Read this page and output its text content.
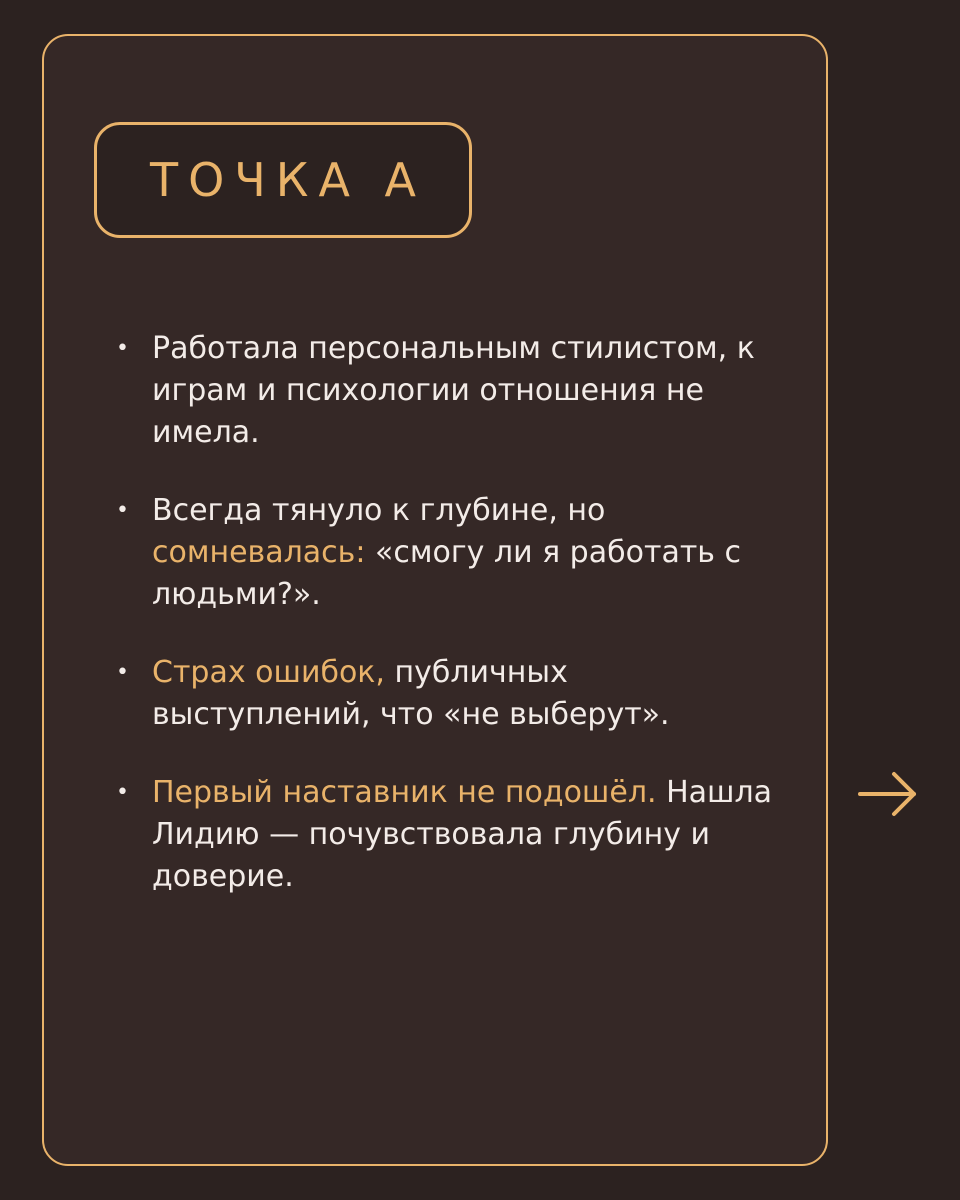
ТОЧКА А
• Работала персональным стилистом, к играм и психологии отношения не имела.
• Всегда тянуло к глубине, но сомневалась: «смогу ли я работать с людьми?».
• Страх ошибок, публичных выступлений, что «не выберут».
• Первый наставник не подошёл. Нашла Лидию — почувствовала глубину и доверие.
